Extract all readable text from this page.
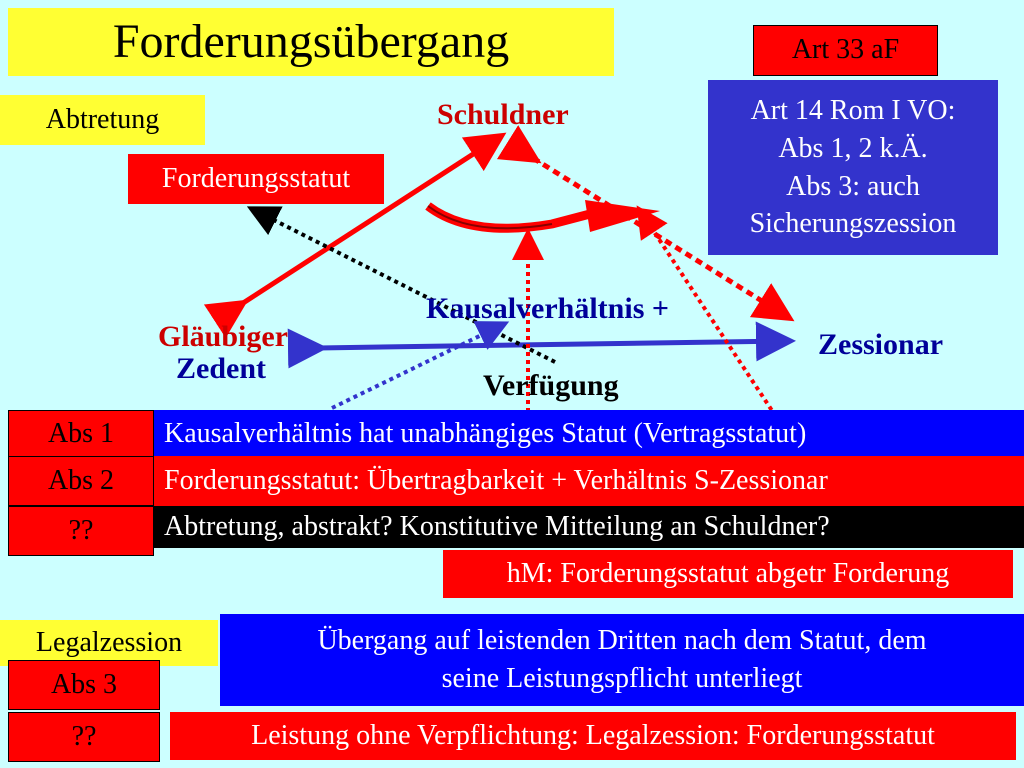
Forderungsübergang	Art 33 aF
Art 14 Rom I VO:
Abs 1, 2 k.Ä.
Abs 3: auch
Sicherungszession
Abtretung
Forderungsstatut
Schuldner
Gläubiger
Zedent
Zessionar
Kausalverhältnis +
Verfügung
Abs 1	Kausalverhältnis hat unabhängiges Statut (Vertragsstatut)
Abs 2	Forderungsstatut: Übertragbarkeit + Verhältnis S-Zessionar
??	Abtretung, abstrakt? Konstitutive Mitteilung an Schuldner?
hM: Forderungsstatut abgetr Forderung
Legalzession	Übergang auf leistenden Dritten nach dem Statut, dem
seine Leistungspflicht unterliegt
Abs 3
??	Leistung ohne Verpflichtung: Legalzession: Forderungsstatut
